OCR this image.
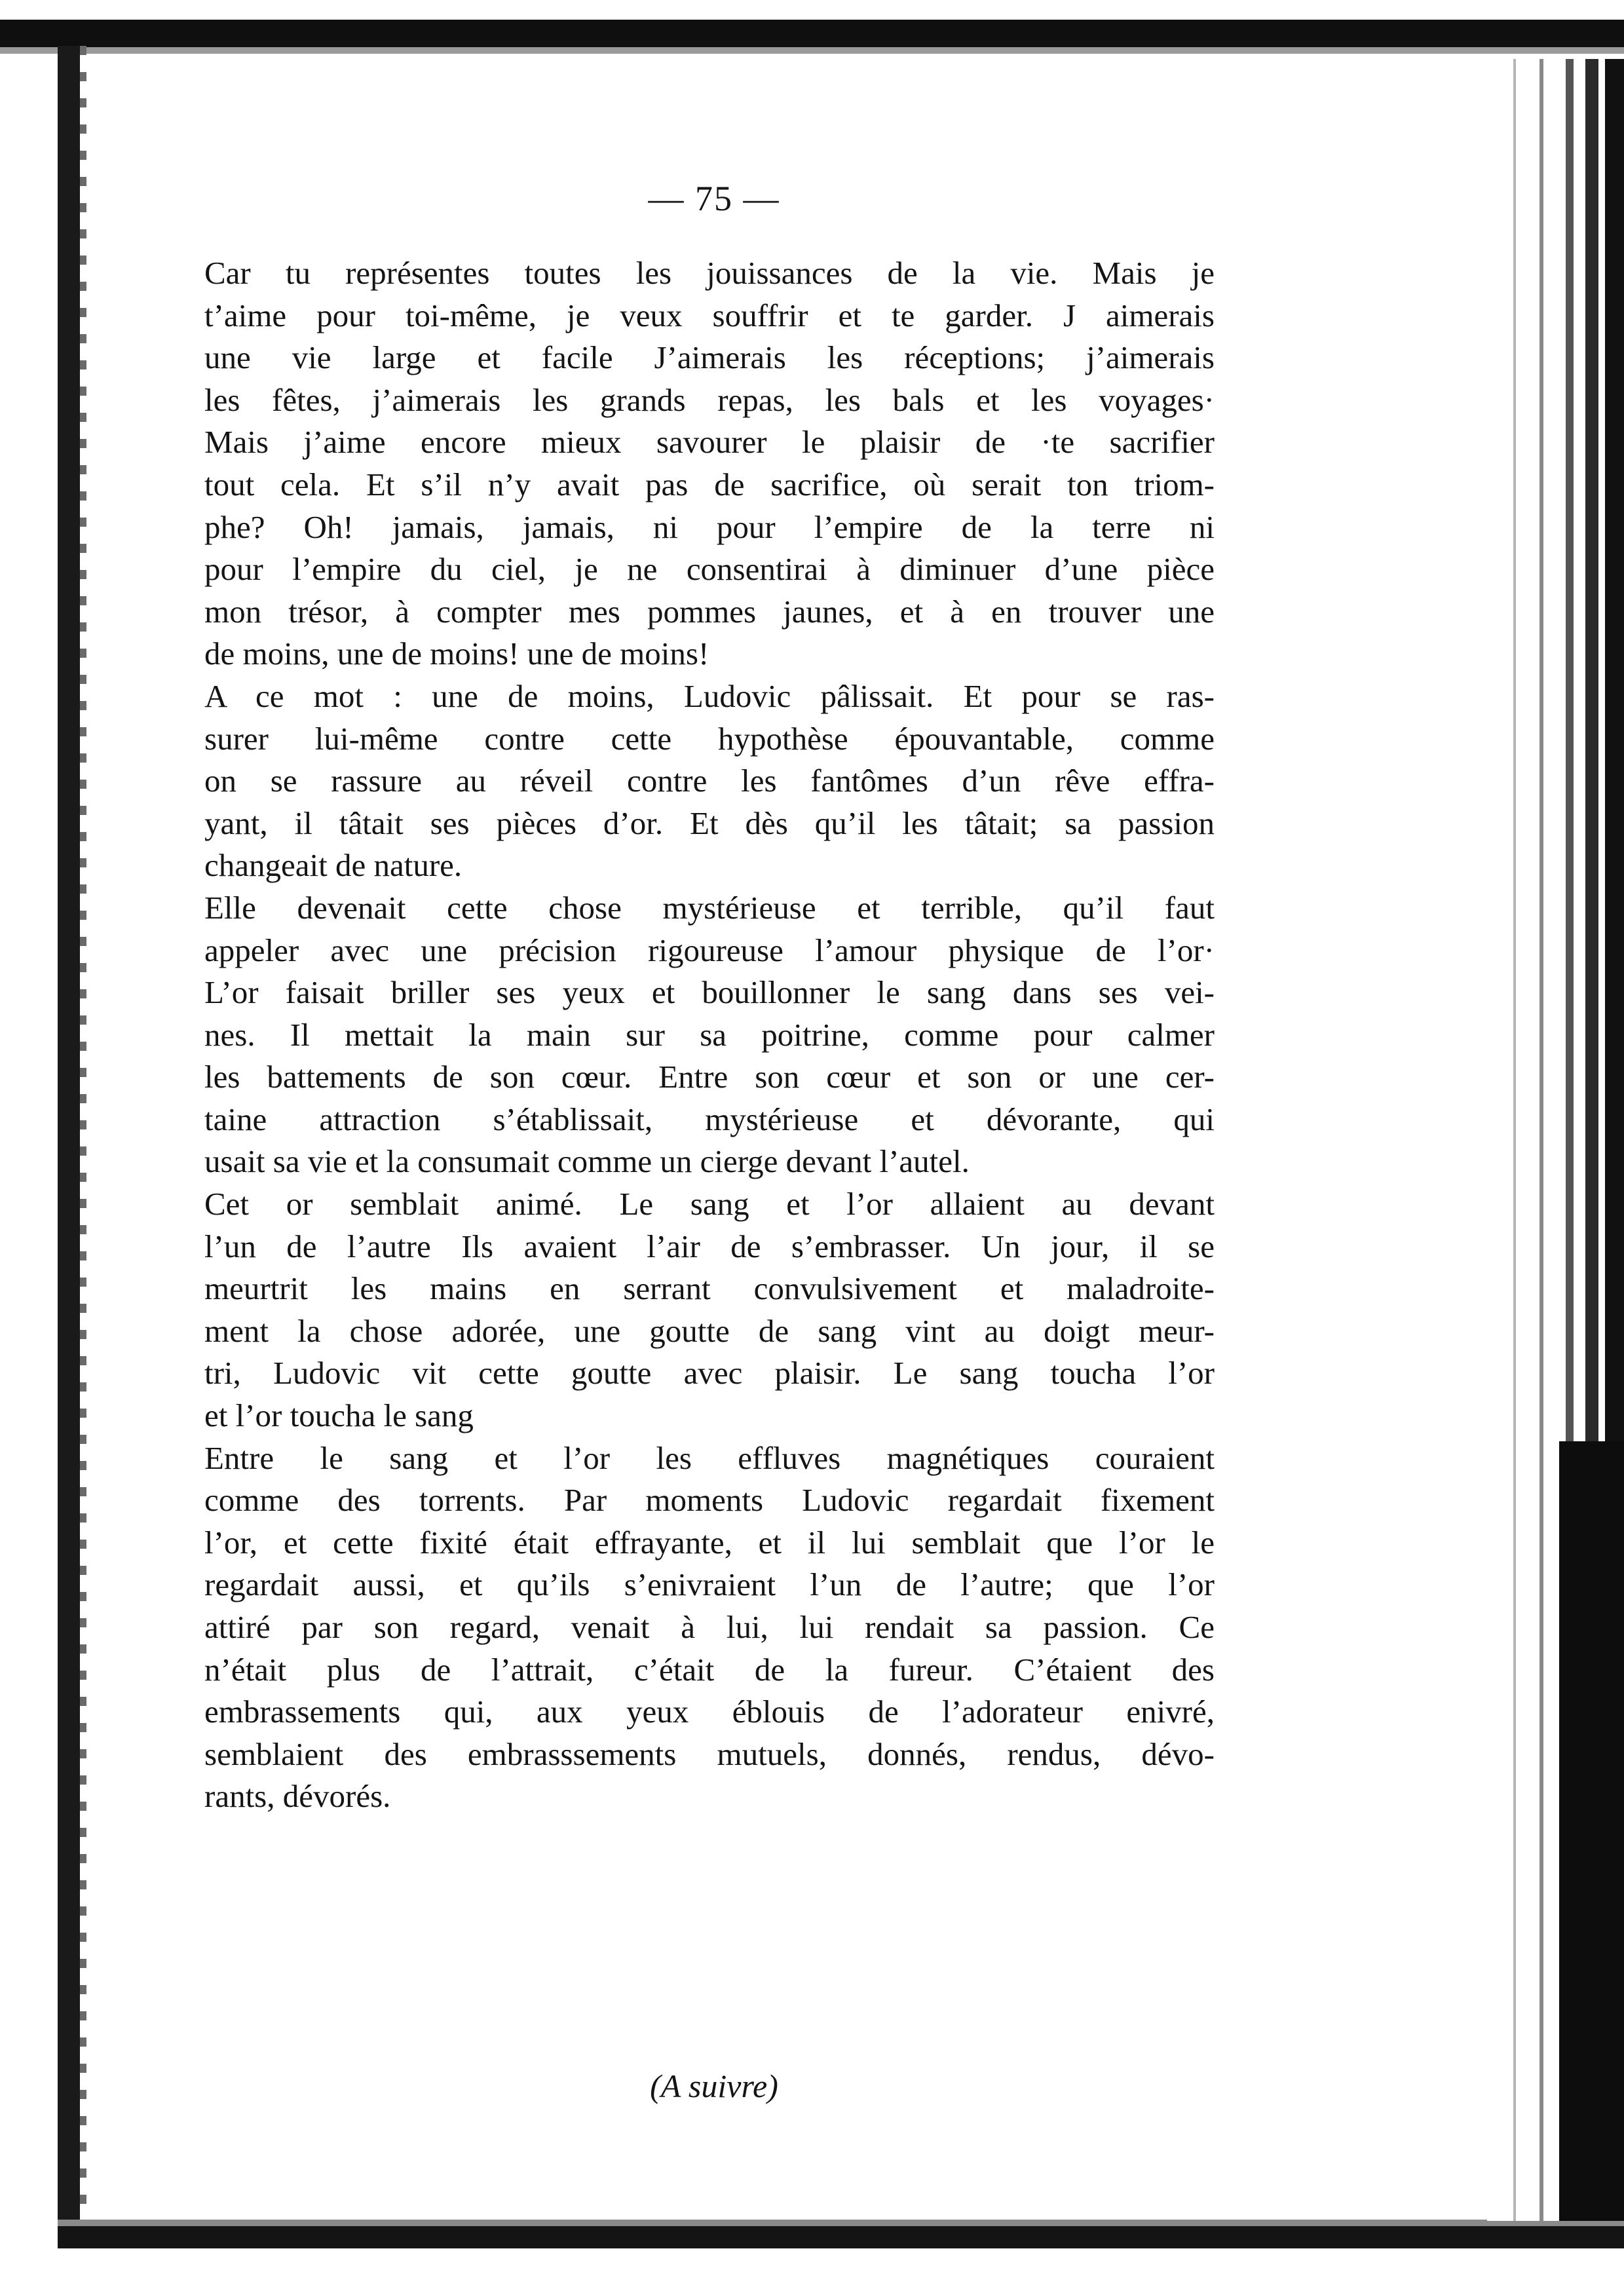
— 75 —
Car tu représentes toutes les jouissances de la vie. Mais je
t’aime pour toi-même, je veux souffrir et te garder. J aimerais
une vie large et facile J’aimerais les réceptions; j’aimerais
les fêtes, j’aimerais les grands repas, les bals et les voyages·
Mais j’aime encore mieux savourer le plaisir de ·te sacrifier
tout cela. Et s’il n’y avait pas de sacrifice, où serait ton triom-
phe? Oh! jamais, jamais, ni pour l’empire de la terre ni
pour l’empire du ciel, je ne consentirai à diminuer d’une pièce
mon trésor, à compter mes pommes jaunes, et à en trouver une
de moins, une de moins! une de moins!
A ce mot : une de moins, Ludovic pâlissait. Et pour se ras-
surer lui-même contre cette hypothèse épouvantable, comme
on se rassure au réveil contre les fantômes d’un rêve effra-
yant, il tâtait ses pièces d’or. Et dès qu’il les tâtait; sa passion
changeait de nature.
Elle devenait cette chose mystérieuse et terrible, qu’il faut
appeler avec une précision rigoureuse l’amour physique de l’or·
L’or faisait briller ses yeux et bouillonner le sang dans ses vei-
nes. Il mettait la main sur sa poitrine, comme pour calmer
les battements de son cœur. Entre son cœur et son or une cer-
taine attraction s’établissait, mystérieuse et dévorante, qui
usait sa vie et la consumait comme un cierge devant l’autel.
Cet or semblait animé. Le sang et l’or allaient au devant
l’un de l’autre Ils avaient l’air de s’embrasser. Un jour, il se
meurtrit les mains en serrant convulsivement et maladroite-
ment la chose adorée, une goutte de sang vint au doigt meur-
tri, Ludovic vit cette goutte avec plaisir. Le sang toucha l’or
et l’or toucha le sang
Entre le sang et l’or les effluves magnétiques couraient
comme des torrents. Par moments Ludovic regardait fixement
l’or, et cette fixité était effrayante, et il lui semblait que l’or le
regardait aussi, et qu’ils s’enivraient l’un de l’autre; que l’or
attiré par son regard, venait à lui, lui rendait sa passion. Ce
n’était plus de l’attrait, c’était de la fureur. C’étaient des
embrassements qui, aux yeux éblouis de l’adorateur enivré,
semblaient des embrasssements mutuels, donnés, rendus, dévo-
rants, dévorés.
(A suivre)
